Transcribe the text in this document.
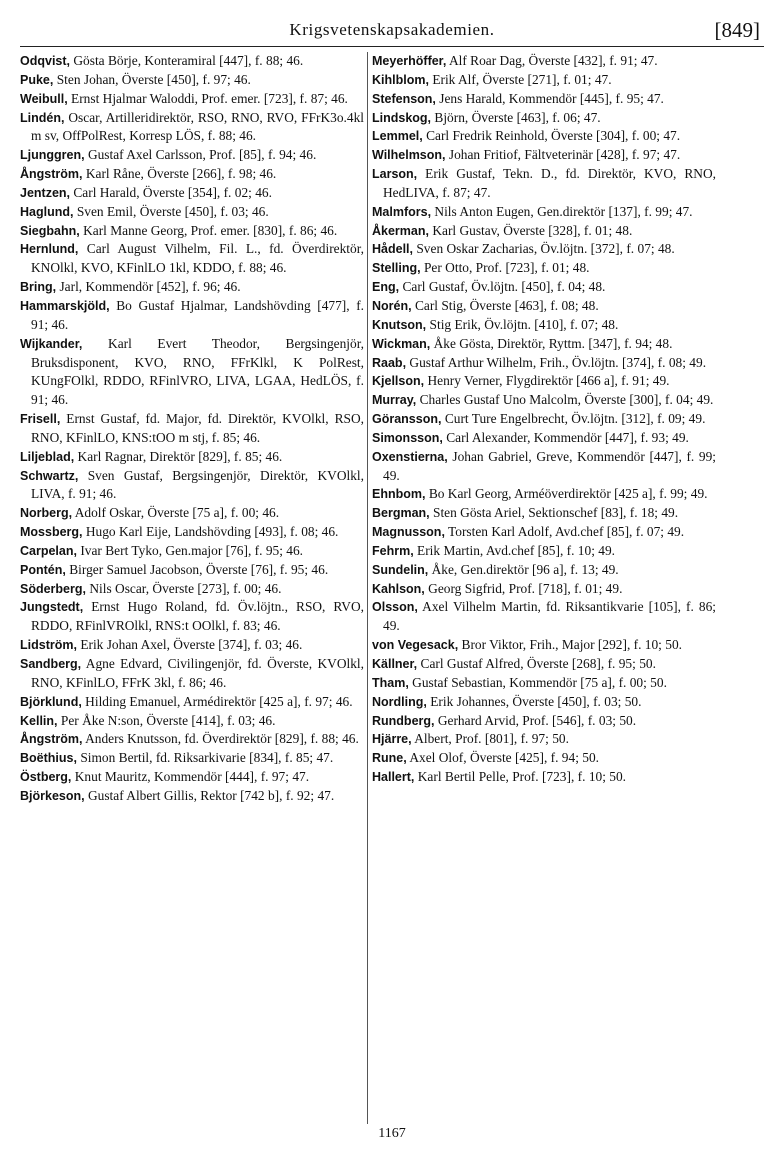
Krigsvetenskapsakademien.	[849]
Odqvist, Gösta Börje, Konteramiral [447], f. 88; 46.
Puke, Sten Johan, Överste [450], f. 97; 46.
Weibull, Ernst Hjalmar Waloddi, Prof. emer. [723], f. 87; 46.
Lindén, Oscar, Artilleridirektör, RSO, RNO, RVO, FFrK3o.4kl m sv, OffPolRest, Korresp LÖS, f. 88; 46.
Ljunggren, Gustaf Axel Carlsson, Prof. [85], f. 94; 46.
Ångström, Karl Råne, Överste [266], f. 98; 46.
Jentzen, Carl Harald, Överste [354], f. 02; 46.
Haglund, Sven Emil, Överste [450], f. 03; 46.
Siegbahn, Karl Manne Georg, Prof. emer. [830], f. 86; 46.
Hernlund, Carl August Vilhelm, Fil. L., fd. Överdirektör, KNOlkl, KVO, KFinlLO 1kl, KDDO, f. 88; 46.
Bring, Jarl, Kommendör [452], f. 96; 46.
Hammarskjöld, Bo Gustaf Hjalmar, Landshövding [477], f. 91; 46.
Wijkander, Karl Evert Theodor, Bergsingenjör, Bruksdisponent, KVO, RNO, FFrKlkl, K PolRest, KUngFOlkl, RDDO, RFinlVRO, LIVA, LGAA, HedLÖS, f. 91; 46.
Frisell, Ernst Gustaf, fd. Major, fd. Direktör, KVOlkl, RSO, RNO, KFinlLO, KNS:tOO m stj, f. 85; 46.
Liljeblad, Karl Ragnar, Direktör [829], f. 85; 46.
Schwartz, Sven Gustaf, Bergsingenjör, Direktör, KVOlkl, LIVA, f. 91; 46.
Norberg, Adolf Oskar, Överste [75 a], f. 00; 46.
Mossberg, Hugo Karl Eije, Landshövding [493], f. 08; 46.
Carpelan, Ivar Bert Tyko, Gen.major [76], f. 95; 46.
Pontén, Birger Samuel Jacobson, Överste [76], f. 95; 46.
Söderberg, Nils Oscar, Överste [273], f. 00; 46.
Jungstedt, Ernst Hugo Roland, fd. Öv.löjtn., RSO, RVO, RDDO, RFinlVROlkl, RNS:t OOlkl, f. 83; 46.
Lidström, Erik Johan Axel, Överste [374], f. 03; 46.
Sandberg, Agne Edvard, Civilingenjör, fd. Överste, KVOlkl, RNO, KFinlLO, FFrK 3kl, f. 86; 46.
Björklund, Hilding Emanuel, Armédirektör [425 a], f. 97; 46.
Kellin, Per Åke N:son, Överste [414], f. 03; 46.
Ångström, Anders Knutsson, fd. Överdirektör [829], f. 88; 46.
Boëthius, Simon Bertil, fd. Riksarkivarie [834], f. 85; 47.
Östberg, Knut Mauritz, Kommendör [444], f. 97; 47.
Björkeson, Gustaf Albert Gillis, Rektor [742 b], f. 92; 47.
Meyerhöffer, Alf Roar Dag, Överste [432], f. 91; 47.
Kihlblom, Erik Alf, Överste [271], f. 01; 47.
Stefenson, Jens Harald, Kommendör [445], f. 95; 47.
Lindskog, Björn, Överste [463], f. 06; 47.
Lemmel, Carl Fredrik Reinhold, Överste [304], f. 00; 47.
Wilhelmson, Johan Fritiof, Fältveterinär [428], f. 97; 47.
Larson, Erik Gustaf, Tekn. D., fd. Direktör, KVO, RNO, HedLIVA, f. 87; 47.
Malmfors, Nils Anton Eugen, Gen.direktör [137], f. 99; 47.
Åkerman, Karl Gustav, Överste [328], f. 01; 48.
Hådell, Sven Oskar Zacharias, Öv.löjtn. [372], f. 07; 48.
Stelling, Per Otto, Prof. [723], f. 01; 48.
Eng, Carl Gustaf, Öv.löjtn. [450], f. 04; 48.
Norén, Carl Stig, Överste [463], f. 08; 48.
Knutson, Stig Erik, Öv.löjtn. [410], f. 07; 48.
Wickman, Åke Gösta, Direktör, Ryttm. [347], f. 94; 48.
Raab, Gustaf Arthur Wilhelm, Frih., Öv.löjtn. [374], f. 08; 49.
Kjellson, Henry Verner, Flygdirektör [466 a], f. 91; 49.
Murray, Charles Gustaf Uno Malcolm, Överste [300], f. 04; 49.
Göransson, Curt Ture Engelbrecht, Öv.löjtn. [312], f. 09; 49.
Simonsson, Carl Alexander, Kommendör [447], f. 93; 49.
Oxenstierna, Johan Gabriel, Greve, Kommendör [447], f. 99; 49.
Ehnbom, Bo Karl Georg, Arméöverdirektör [425 a], f. 99; 49.
Bergman, Sten Gösta Ariel, Sektionschef [83], f. 18; 49.
Magnusson, Torsten Karl Adolf, Avd.chef [85], f. 07; 49.
Fehrm, Erik Martin, Avd.chef [85], f. 10; 49.
Sundelin, Åke, Gen.direktör [96 a], f. 13; 49.
Kahlson, Georg Sigfrid, Prof. [718], f. 01; 49.
Olsson, Axel Vilhelm Martin, fd. Riksantikvarie [105], f. 86; 49.
von Vegesack, Bror Viktor, Frih., Major [292], f. 10; 50.
Källner, Carl Gustaf Alfred, Överste [268], f. 95; 50.
Tham, Gustaf Sebastian, Kommendör [75 a], f. 00; 50.
Nordling, Erik Johannes, Överste [450], f. 03; 50.
Rundberg, Gerhard Arvid, Prof. [546], f. 03; 50.
Hjärre, Albert, Prof. [801], f. 97; 50.
Rune, Axel Olof, Överste [425], f. 94; 50.
Hallert, Karl Bertil Pelle, Prof. [723], f. 10; 50.
1167
